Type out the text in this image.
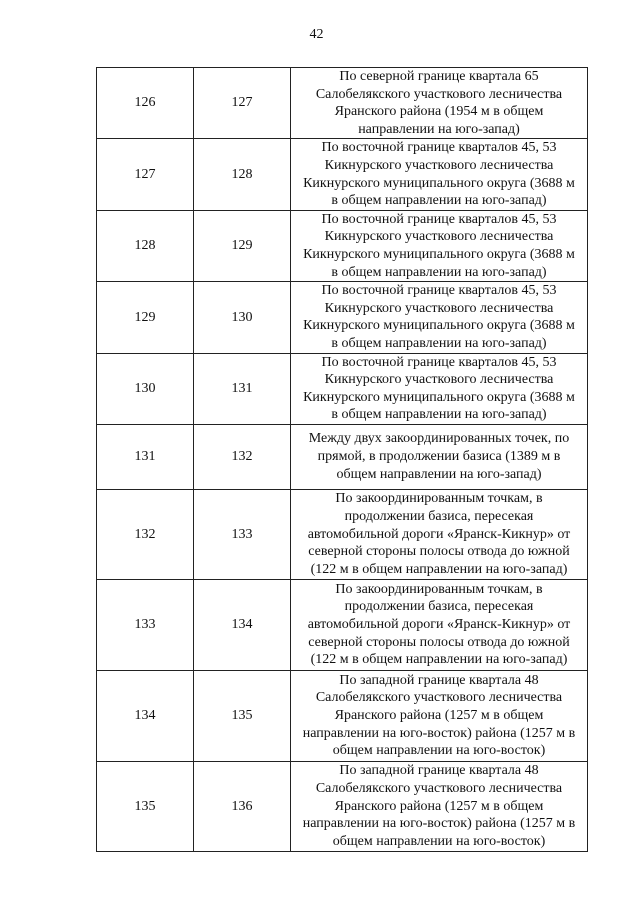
42
126	127	По северной границе квартала 65
Салобелякского участкового лесничества
Яранского района (1954 м в общем
направлении на юго-запад)

127	128	По восточной границе кварталов 45, 53
Кикнурского участкового лесничества
Кикнурского муниципального округа (3688 м
в общем направлении на юго-запад)

128	129	По восточной границе кварталов 45, 53
Кикнурского участкового лесничества
Кикнурского муниципального округа (3688 м
в общем направлении на юго-запад)

129	130	По восточной границе кварталов 45, 53
Кикнурского участкового лесничества
Кикнурского муниципального округа (3688 м
в общем направлении на юго-запад)

130	131	По восточной границе кварталов 45, 53
Кикнурского участкового лесничества
Кикнурского муниципального округа (3688 м
в общем направлении на юго-запад)

131	132	Между двух закоординированных точек, по
прямой, в продолжении базиса (1389 м в
общем направлении на юго-запад)

132	133	По закоординированным точкам, в
продолжении базиса, пересекая
автомобильной дороги «Яранск-Кикнур» от
северной стороны полосы отвода до южной
(122 м в общем направлении на юго-запад)

133	134	По закоординированным точкам, в
продолжении базиса, пересекая
автомобильной дороги «Яранск-Кикнур» от
северной стороны полосы отвода до южной
(122 м в общем направлении на юго-запад)

134	135	По западной границе квартала 48
Салобелякского участкового лесничества
Яранского района (1257 м в общем
направлении на юго-восток) района (1257 м в
общем направлении на юго-восток)

135	136	По западной границе квартала 48
Салобелякского участкового лесничества
Яранского района (1257 м в общем
направлении на юго-восток) района (1257 м в
общем направлении на юго-восток)
